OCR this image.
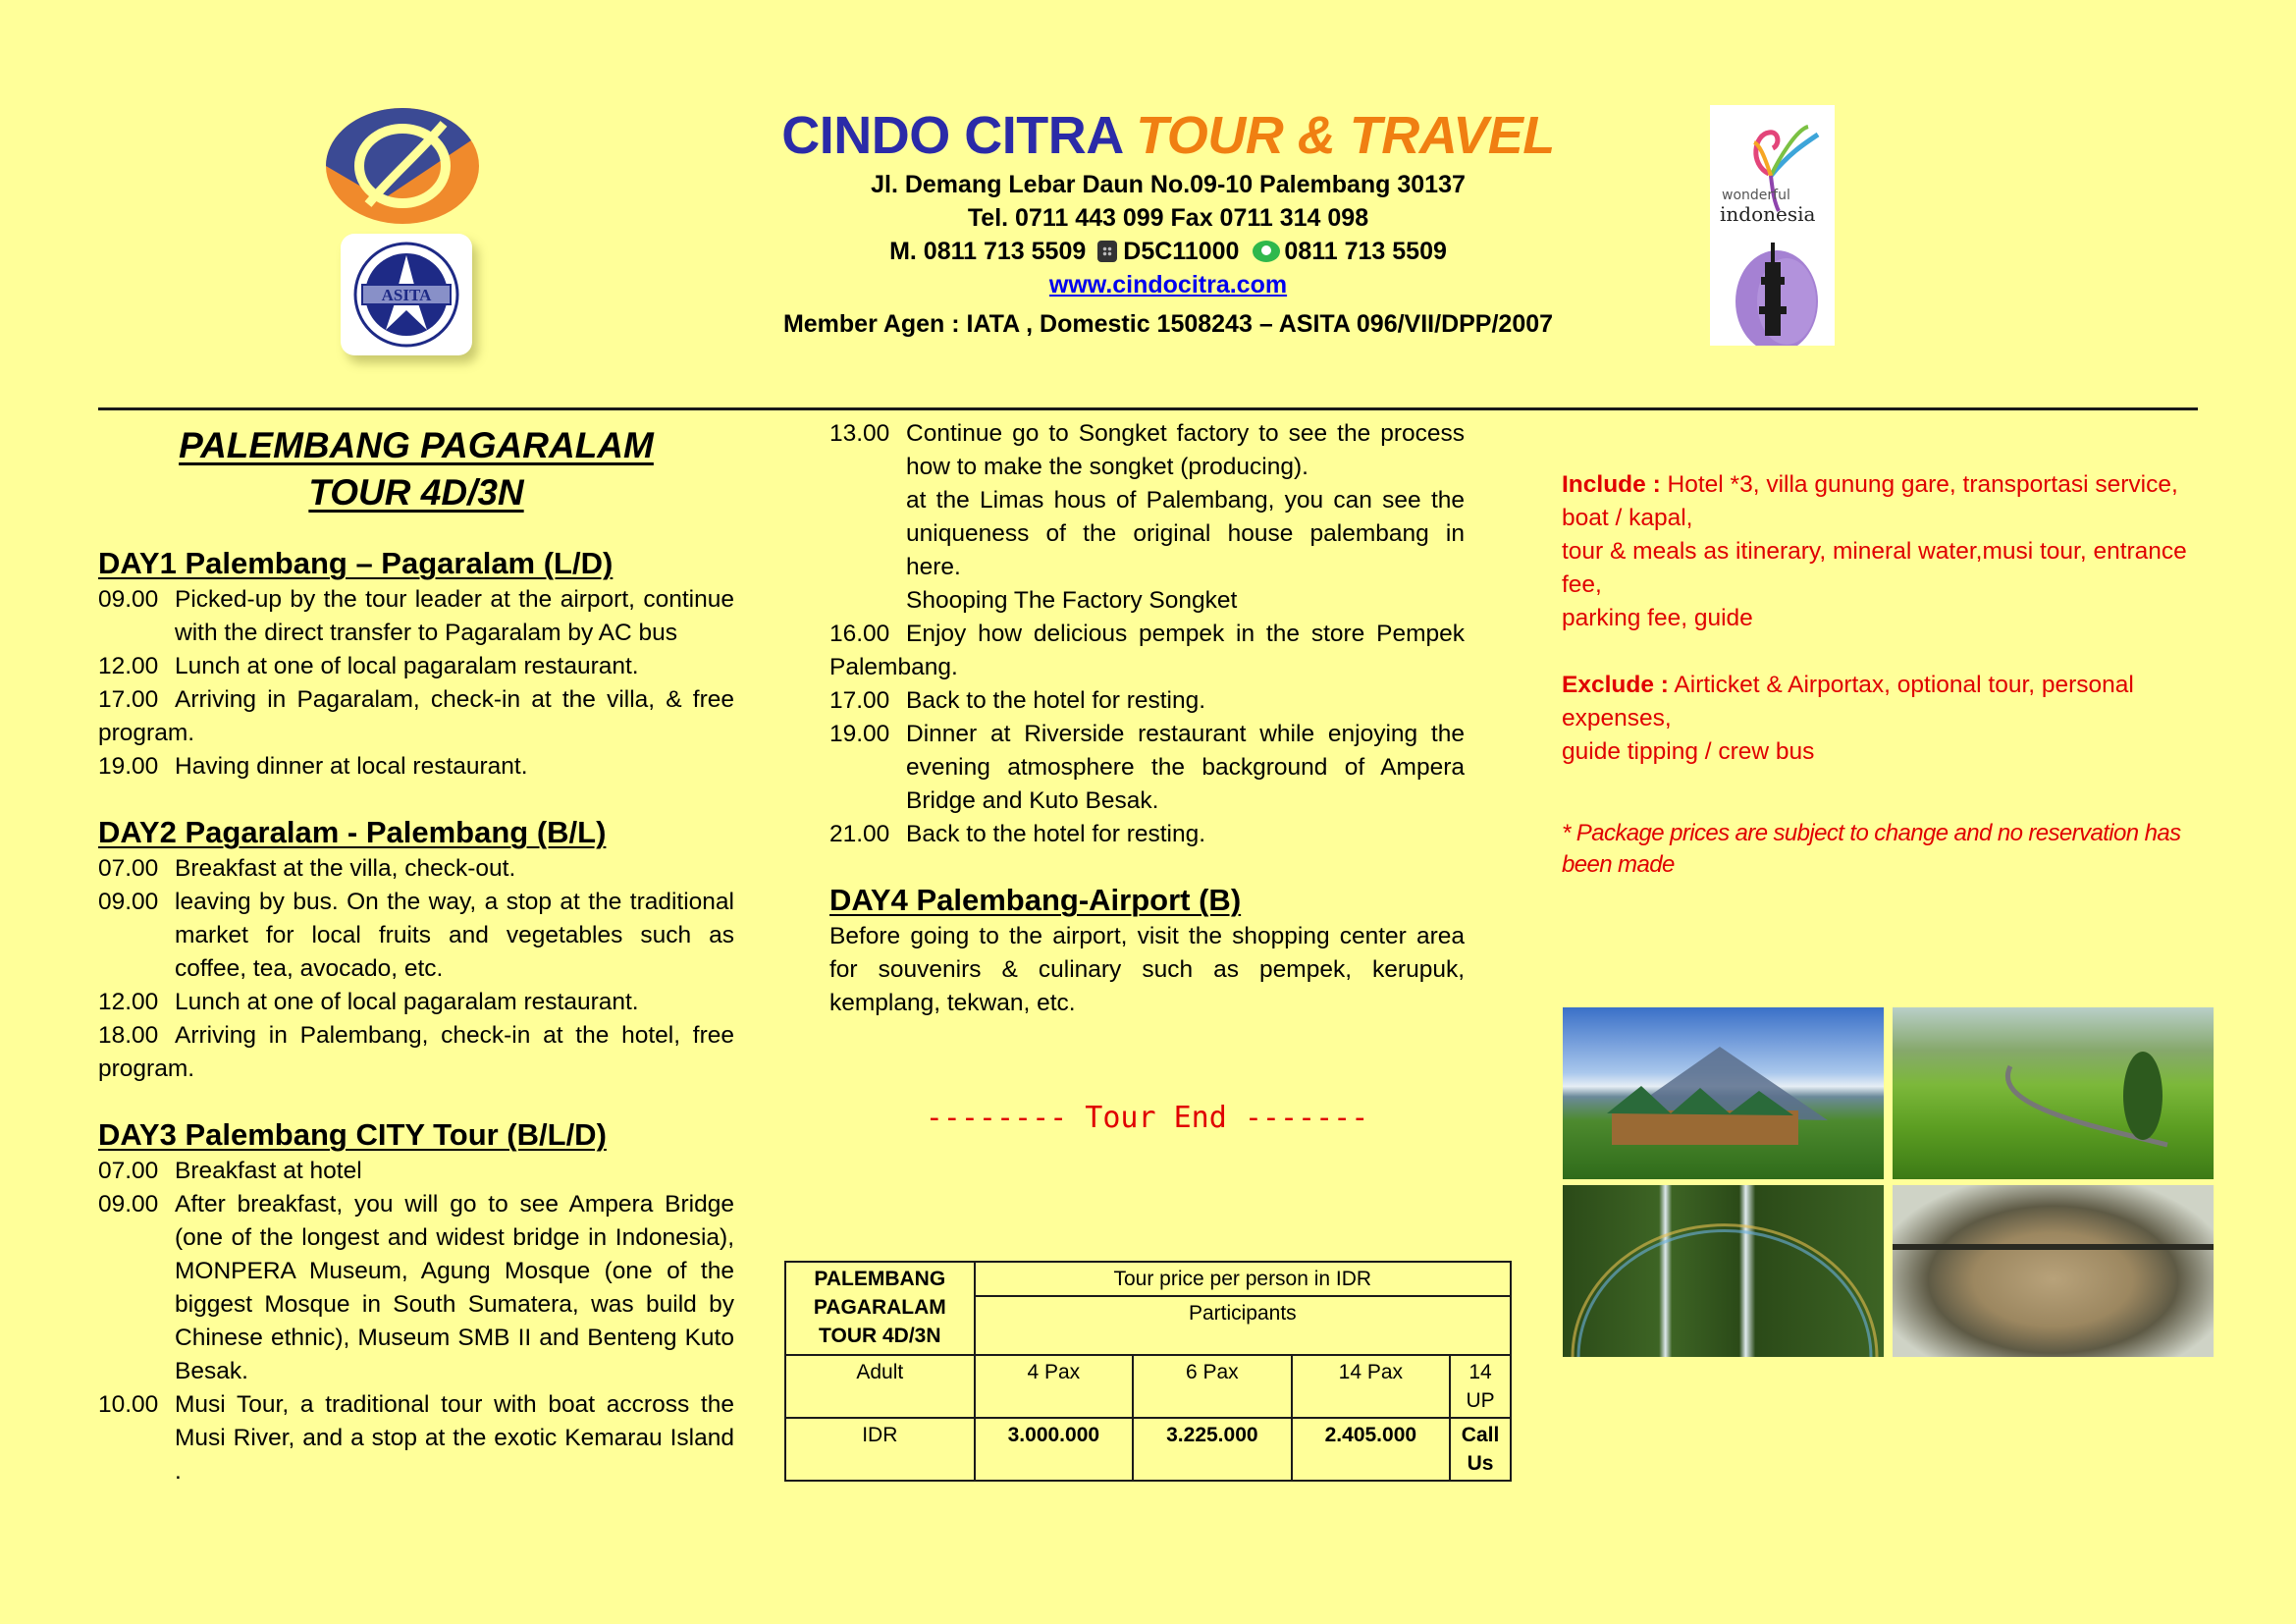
ASITA
CINDO CITRA TOUR & TRAVEL
Jl. Demang Lebar Daun No.09-10 Palembang 30137
Tel. 0711 443 099 Fax 0711 314 098
M. 0811 713 5509 D5C11000 0811 713 5509
www.cindocitra.com
Member Agen : IATA , Domestic 1508243 – ASITA 096/VII/DPP/2007
wonderful
indonesia
PALEMBANG PAGARALAM
TOUR 4D/3N
DAY1 Palembang – Pagaralam (L/D)
09.00 Picked-up by the tour leader at the airport, continue with the direct transfer to Pagaralam by AC bus
12.00 Lunch at one of local pagaralam restaurant.
17.00 Arriving in Pagaralam, check-in at the villa, & free program.
19.00 Having dinner at local restaurant.
DAY2 Pagaralam - Palembang (B/L)
07.00 Breakfast at the villa, check-out.
09.00 leaving by bus. On the way, a stop at the traditional market for local fruits and vegetables such as coffee, tea, avocado, etc.
12.00 Lunch at one of local pagaralam restaurant.
18.00 Arriving in Palembang, check-in at the hotel, free program.
DAY3 Palembang CITY Tour (B/L/D)
07.00 Breakfast at hotel
09.00 After breakfast, you will go to see Ampera Bridge (one of the longest and widest bridge in Indonesia), MONPERA Museum, Agung Mosque (one of the biggest Mosque in South Sumatera, was build by Chinese ethnic), Museum SMB II and Benteng Kuto Besak.
10.00 Musi Tour, a traditional tour with boat accross the Musi River, and a stop at the exotic Kemarau Island .
13.00 Continue go to Songket factory to see the process how to make the songket (producing).
at the Limas hous of Palembang, you can see the uniqueness of the original house palembang in here.
Shooping The Factory Songket
16.00 Enjoy how delicious pempek in the store Pempek Palembang.
17.00 Back to the hotel for resting.
19.00 Dinner at Riverside restaurant while enjoying the evening atmosphere the background of Ampera Bridge and Kuto Besak.
21.00 Back to the hotel for resting.
DAY4 Palembang-Airport (B)
Before going to the airport, visit the shopping center area for souvenirs & culinary such as pempek, kerupuk, kemplang, tekwan, etc.
-------- Tour End -------
PALEMBANG PAGARALAM TOUR 4D/3N	Tour price per person in IDR			
	Participants			
Adult	4 Pax	6 Pax	14 Pax	14 UP
IDR	3.000.000	3.225.000	2.405.000	Call Us
Include : Hotel *3, villa gunung gare, transportasi service, boat / kapal,
tour & meals as itinerary, mineral water,musi tour, entrance fee,
parking fee, guide
Exclude : Airticket & Airportax, optional tour, personal expenses,
guide tipping / crew bus
* Package prices are subject to change and no reservation has been made
